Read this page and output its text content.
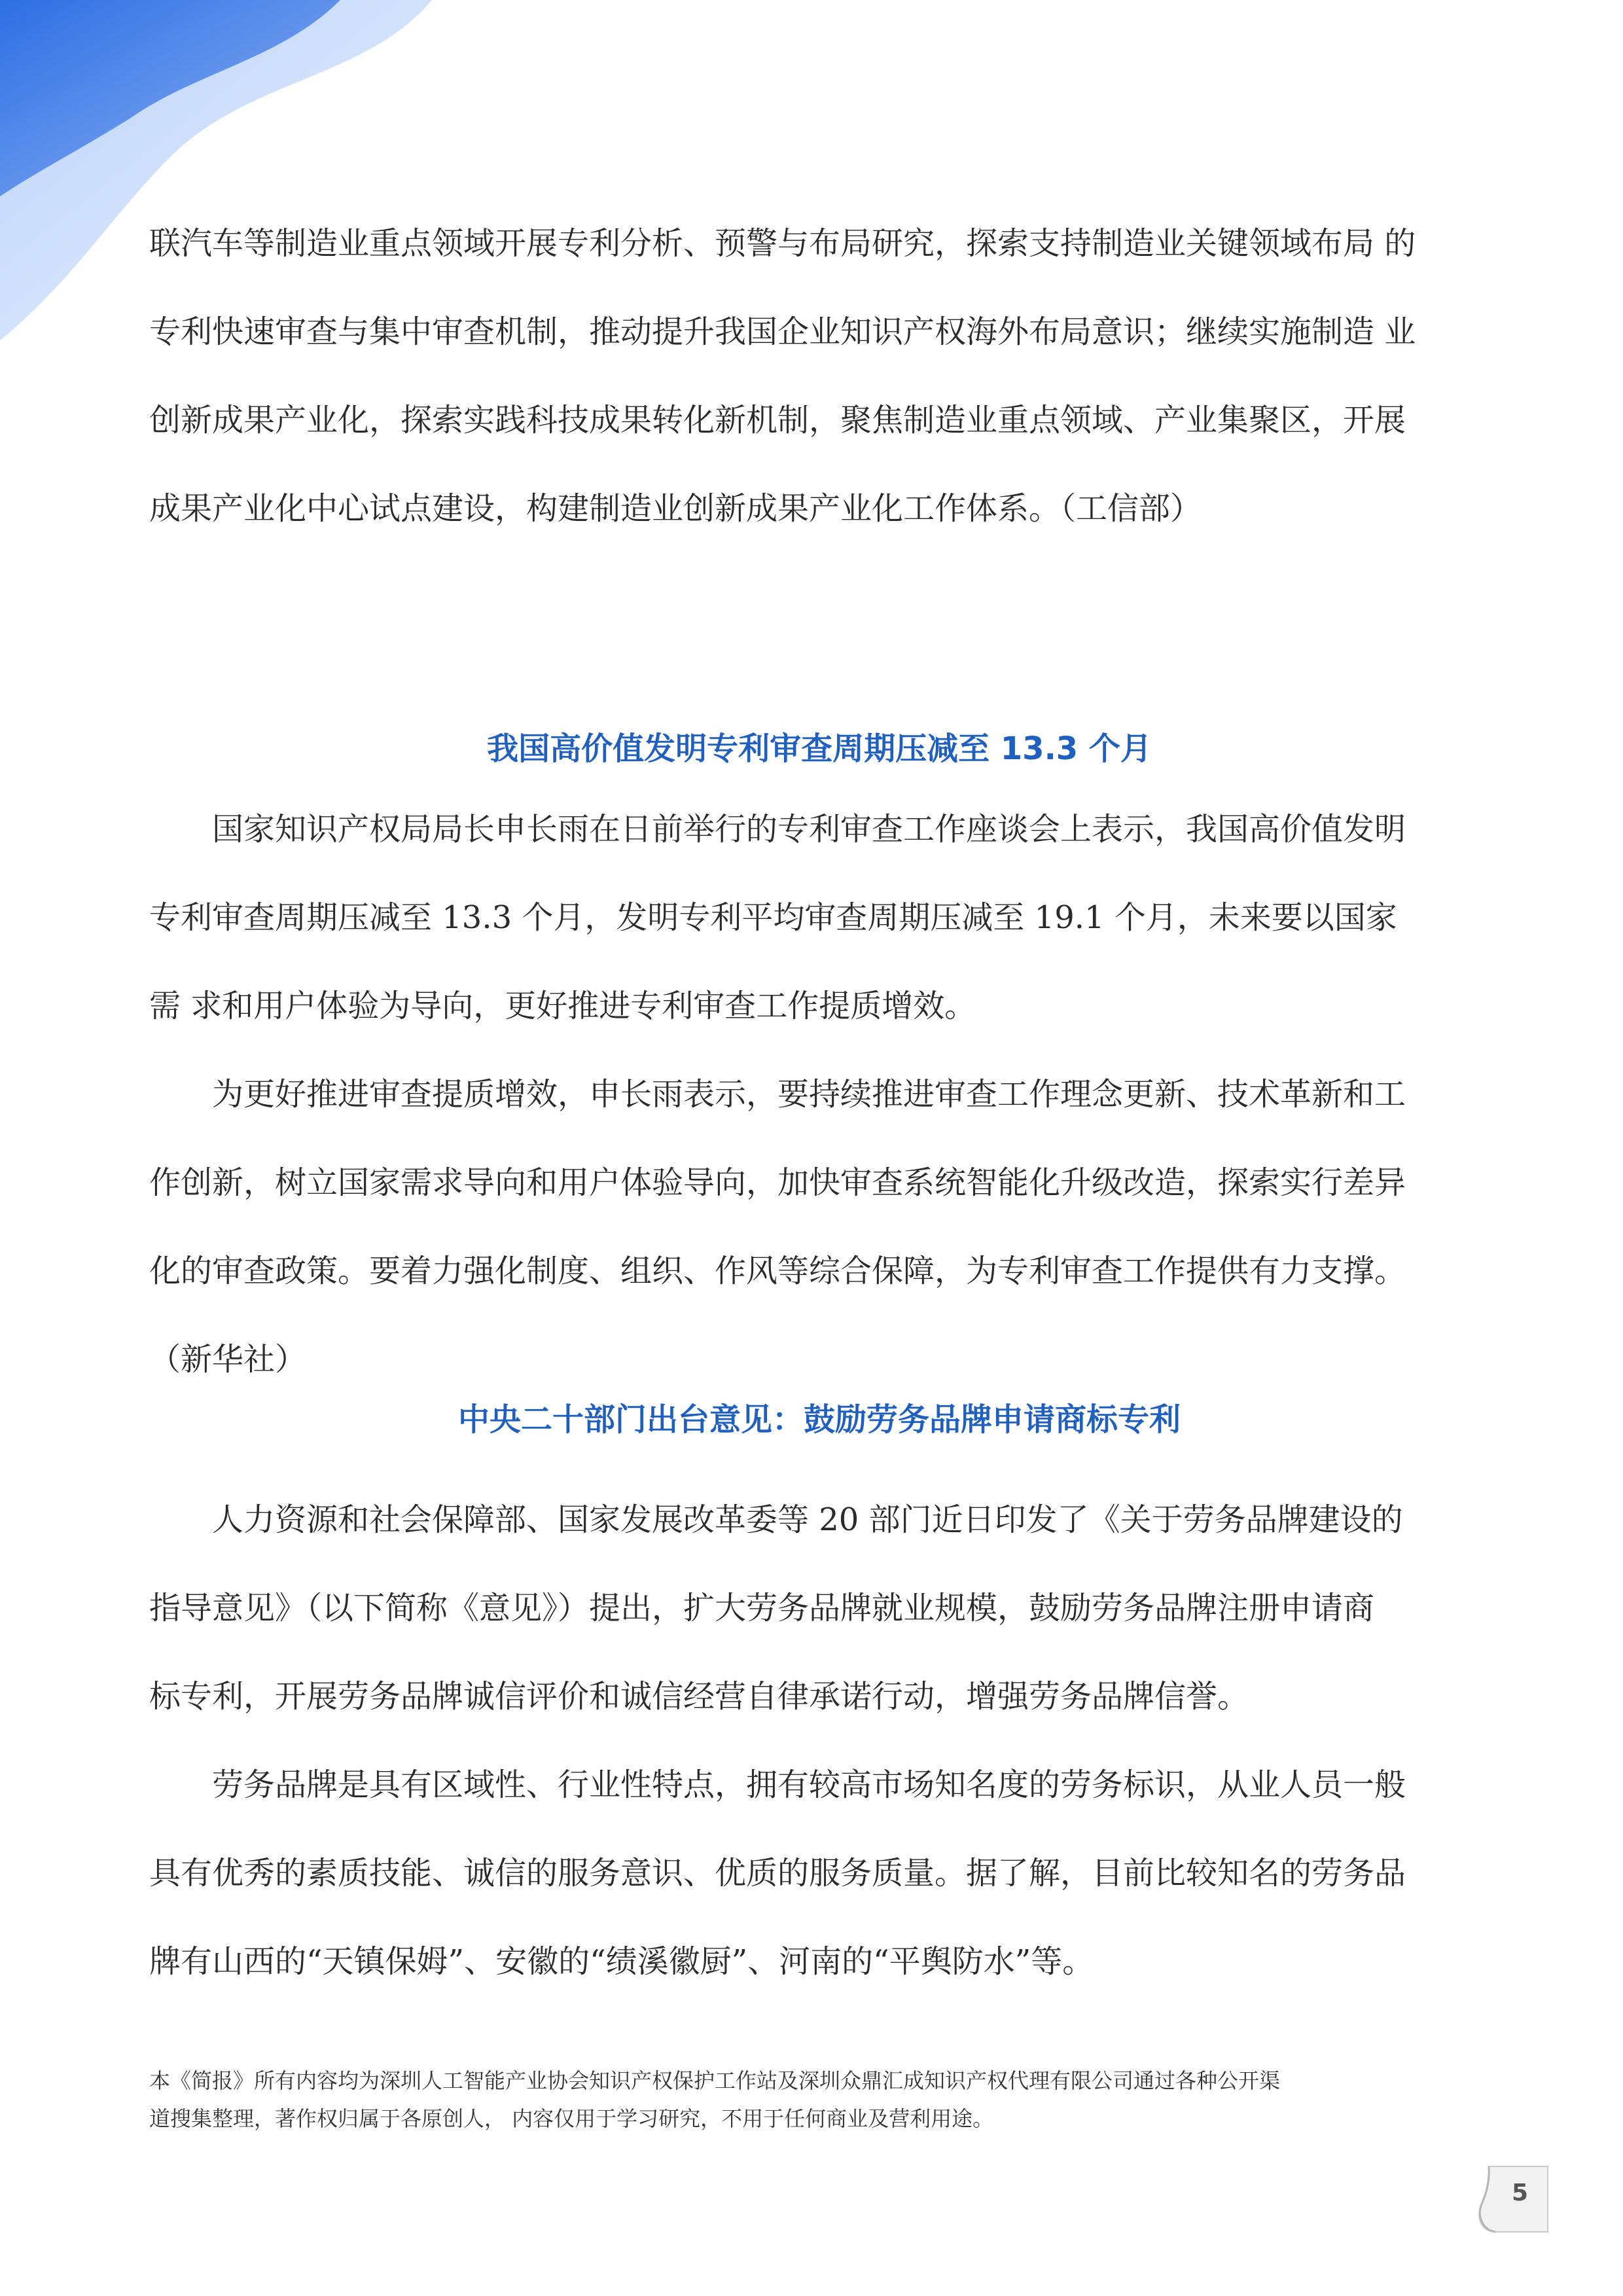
联汽车等制造业重点领域开展专利分析、预警与布局研究，探索支持制造业关键领域布局 的

专利快速审查与集中审查机制，推动提升我国企业知识产权海外布局意识；继续实施制造 业

创新成果产业化，探索实践科技成果转化新机制，聚焦制造业重点领域、产业集聚区，开展

成果产业化中心试点建设，构建制造业创新成果产业化工作体系。（工信部）

我国高价值发明专利审查周期压减至 13.3 个月

国家知识产权局局长申长雨在日前举行的专利审查工作座谈会上表示，我国高价值发明

专利审查周期压减至 13.3 个月，发明专利平均审查周期压减至 19.1 个月，未来要以国家

需 求和用户体验为导向，更好推进专利审查工作提质增效。

为更好推进审查提质增效，申长雨表示，要持续推进审查工作理念更新、技术革新和工

作创新，树立国家需求导向和用户体验导向，加快审查系统智能化升级改造，探索实行差异

化的审查政策。要着力强化制度、组织、作风等综合保障，为专利审查工作提供有力支撑。

（新华社）

中央二十部门出台意见：鼓励劳务品牌申请商标专利

人力资源和社会保障部、国家发展改革委等 20 部门近日印发了《关于劳务品牌建设的

指导意见》（以下简称《意见》）提出，扩大劳务品牌就业规模，鼓励劳务品牌注册申请商

标专利，开展劳务品牌诚信评价和诚信经营自律承诺行动，增强劳务品牌信誉。

劳务品牌是具有区域性、行业性特点，拥有较高市场知名度的劳务标识，从业人员一般

具有优秀的素质技能、诚信的服务意识、优质的服务质量。据了解，目前比较知名的劳务品

牌有山西的“天镇保姆”、安徽的“绩溪徽厨”、河南的“平舆防水”等。

本《简报》所有内容均为深圳人工智能产业协会知识产权保护工作站及深圳众鼎汇成知识产权代理有限公司通过各种公开渠
道搜集整理，著作权归属于各原创人， 内容仅用于学习研究，不用于任何商业及营利用途。
5
